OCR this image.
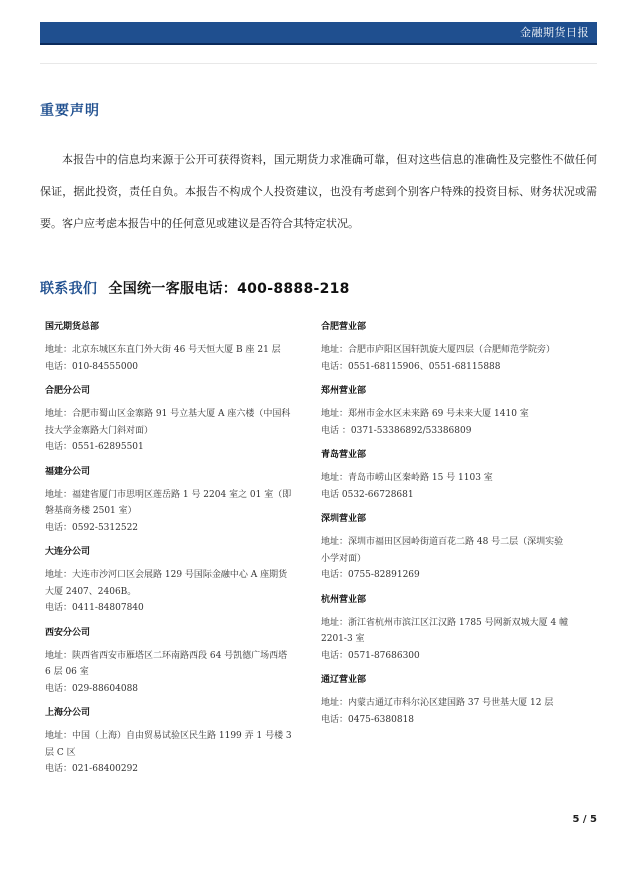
金融期货日报
重要声明

本报告中的信息均来源于公开可获得资料，国元期货力求准确可靠，但对这些信息的准确性及完整性不做任何保证，据此投资，责任自负。本报告不构成个人投资建议，也没有考虑到个别客户特殊的投资目标、财务状况或需要。客户应考虑本报告中的任何意见或建议是否符合其特定状况。

联系我们 全国统一客服电话：400-8888-218
国元期货总部
地址：北京东城区东直门外大街 46 号天恒大厦 B 座 21 层
电话：010-84555000
合肥分公司
地址：合肥市蜀山区金寨路 91 号立基大厦 A 座六楼（中国科技大学金寨路大门斜对面）
电话：0551-62895501
福建分公司
地址：福建省厦门市思明区莲岳路 1 号 2204 室之 01 室（即磐基商务楼 2501 室）
电话：0592-5312522
大连分公司
地址：大连市沙河口区会展路 129 号国际金融中心 A 座期货大厦 2407、2406B。
电话：0411-84807840
西安分公司
地址：陕西省西安市雁塔区二环南路西段 64 号凯德广场西塔 6 层 06 室
电话：029-88604088
上海分公司
地址：中国（上海）自由贸易试验区民生路 1199 弄 1 号楼 3 层 C 区
电话：021-68400292
合肥营业部
地址：合肥市庐阳区国轩凯旋大厦四层（合肥师范学院旁）
电话：0551-68115906、0551-68115888
郑州营业部
地址：郑州市金水区未来路 69 号未来大厦 1410 室
电话 ：0371-53386892/53386809
青岛营业部
地址：青岛市崂山区秦岭路 15 号 1103 室
电话 0532-66728681
深圳营业部
地址：深圳市福田区园岭街道百花二路 48 号二层（深圳实验小学对面）
电话：0755-82891269
杭州营业部
地址：浙江省杭州市滨江区江汉路 1785 号网新双城大厦 4 幢 2201-3 室
电话：0571-87686300
通辽营业部
地址：内蒙古通辽市科尔沁区建国路 37 号世基大厦 12 层
电话：0475-6380818
5 / 5
